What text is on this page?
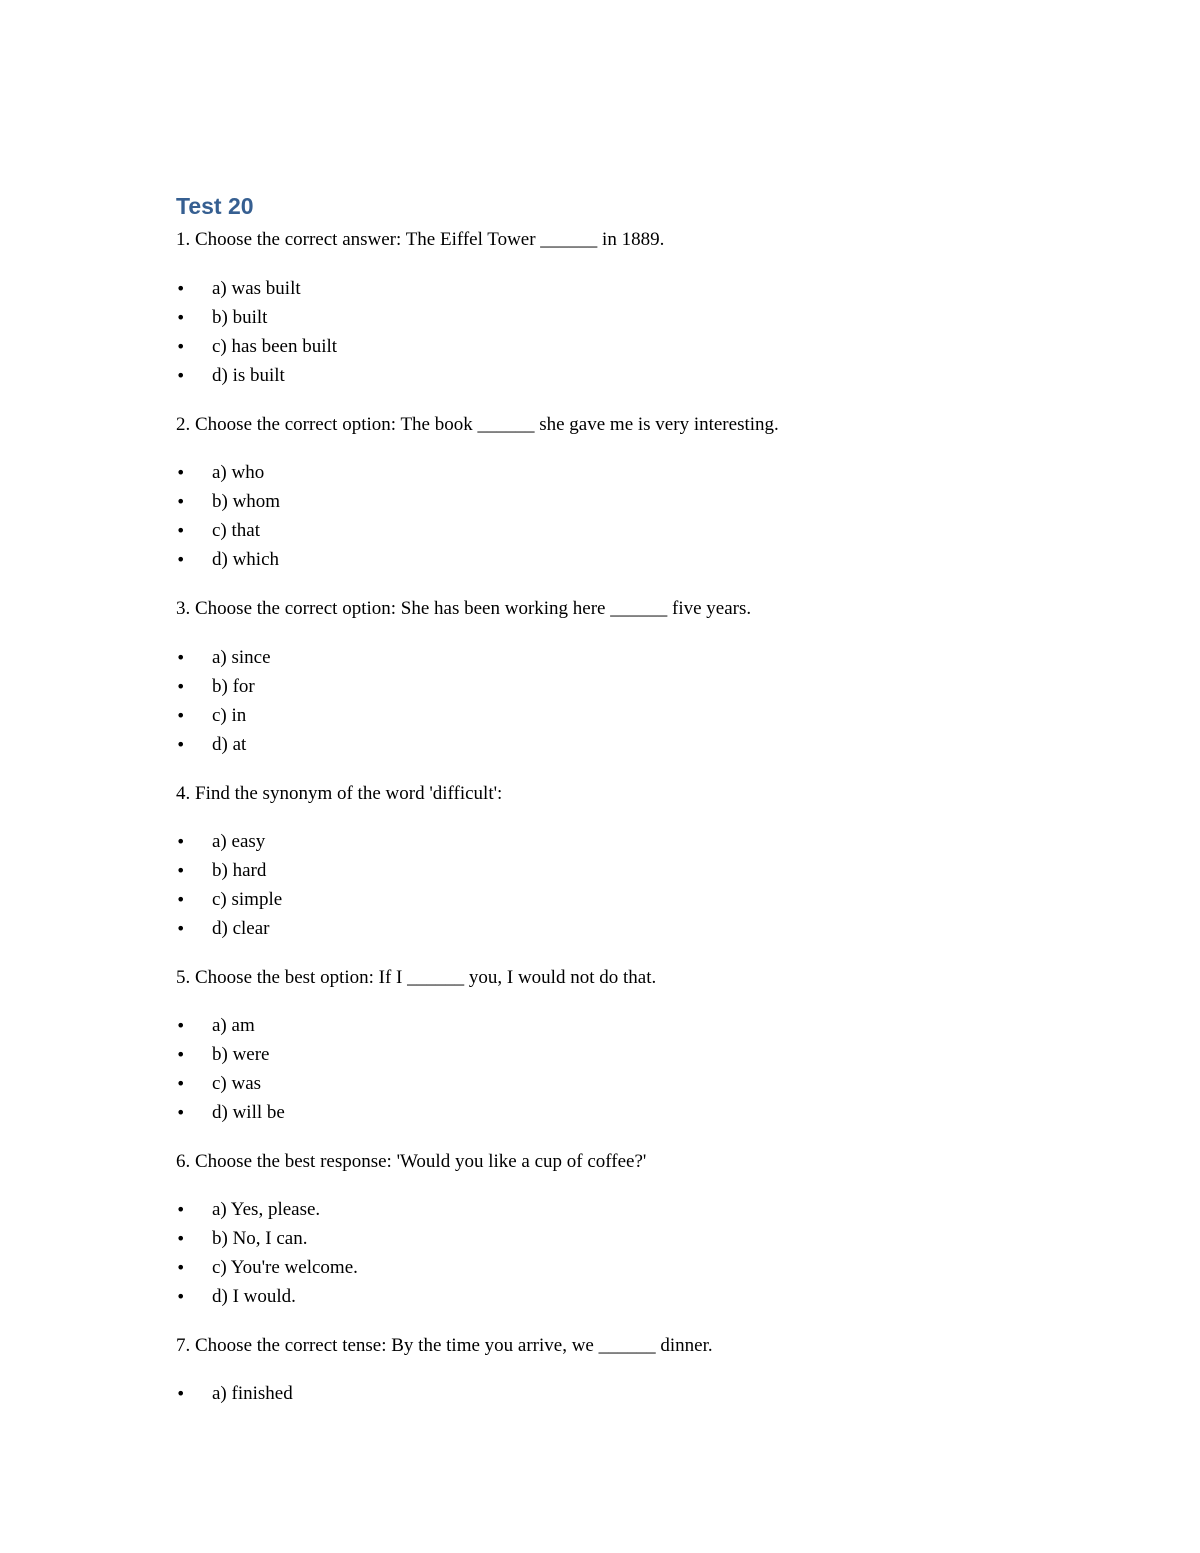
Test 20
1. Choose the correct answer: The Eiffel Tower ______ in 1889.
• a) was built
• b) built
• c) has been built
• d) is built
2. Choose the correct option: The book ______ she gave me is very interesting.
• a) who
• b) whom
• c) that
• d) which
3. Choose the correct option: She has been working here ______ five years.
• a) since
• b) for
• c) in
• d) at
4. Find the synonym of the word 'difficult':
• a) easy
• b) hard
• c) simple
• d) clear
5. Choose the best option: If I ______ you, I would not do that.
• a) am
• b) were
• c) was
• d) will be
6. Choose the best response: 'Would you like a cup of coffee?'
• a) Yes, please.
• b) No, I can.
• c) You're welcome.
• d) I would.
7. Choose the correct tense: By the time you arrive, we ______ dinner.
• a) finished
